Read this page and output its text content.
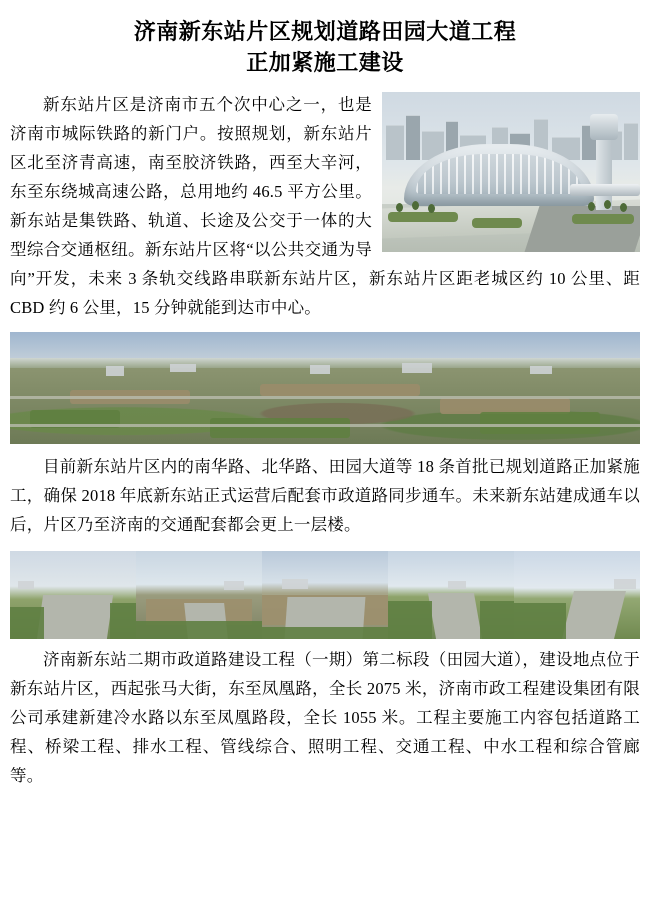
济南新东站片区规划道路田园大道工程
正加紧施工建设

新东站片区是济南市五个次中心之一，也是济南市城际铁路的新门户。按照规划，新东站片区北至济青高速，南至胶济铁路，西至大辛河，东至东绕城高速公路，总用地约 46.5 平方公里。新东站是集铁路、轨道、长途及公交于一体的大型综合交通枢纽。新东站片区将“以公共交通为导向”开发，未来 3 条轨交线路串联新东站片区，新东站片区距老城区约 10 公里、距 CBD 约 6 公里，15 分钟就能到达市中心。

目前新东站片区内的南华路、北华路、田园大道等 18 条首批已规划道路正加紧施工，确保 2018 年底新东站正式运营后配套市政道路同步通车。未来新东站建成通车以后，片区乃至济南的交通配套都会更上一层楼。

济南新东站二期市政道路建设工程（一期）第二标段（田园大道），建设地点位于新东站片区，西起张马大街，东至凤凰路，全长 2075 米，济南市政工程建设集团有限公司承建新建冷水路以东至凤凰路段，全长 1055 米。工程主要施工内容包括道路工程、桥梁工程、排水工程、管线综合、照明工程、交通工程、中水工程和综合管廊等。
